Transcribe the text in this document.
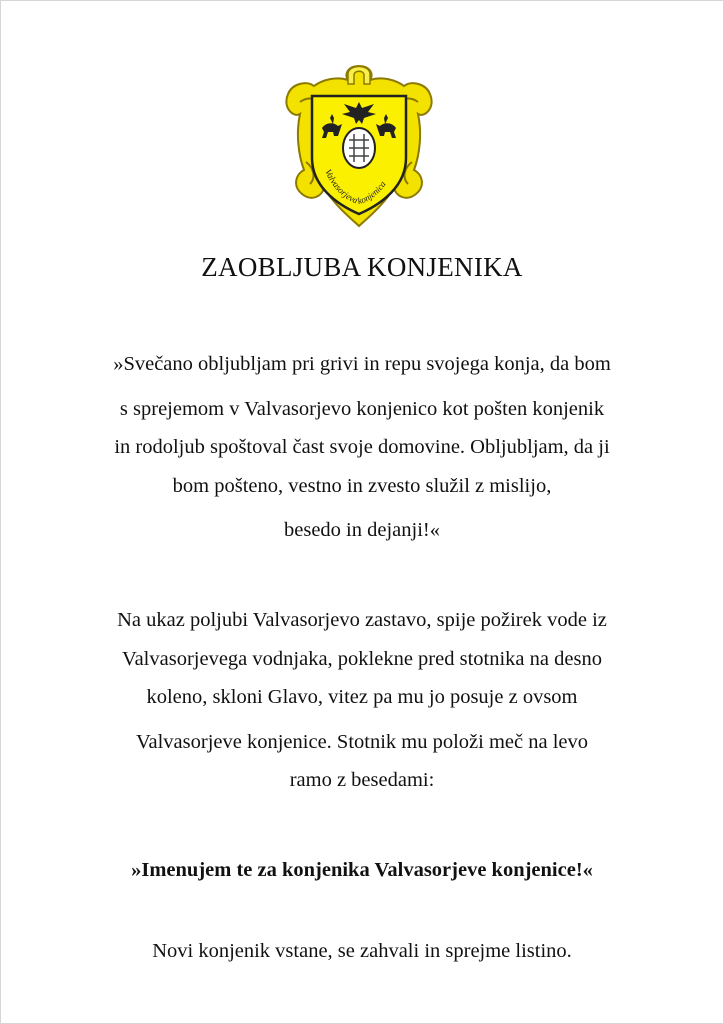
Valvasorjeva konjenica
ZAOBLJUBA KONJENIKA
»Svečano obljubljam pri grivi in repu svojega konja, da bom
s sprejemom v Valvasorjevo konjenico kot pošten konjenik
in rodoljub spoštoval čast svoje domovine. Obljubljam, da ji
bom pošteno, vestno in zvesto služil z mislijo,
besedo in dejanji!«
Na ukaz poljubi Valvasorjevo zastavo, spije požirek vode iz
Valvasorjevega vodnjaka, poklekne pred stotnika na desno
koleno, skloni Glavo, vitez pa mu jo posuje z ovsom
Valvasorjeve konjenice. Stotnik mu položi meč na levo
ramo z besedami:
»Imenujem te za konjenika Valvasorjeve konjenice!«
Novi konjenik vstane, se zahvali in sprejme listino.
